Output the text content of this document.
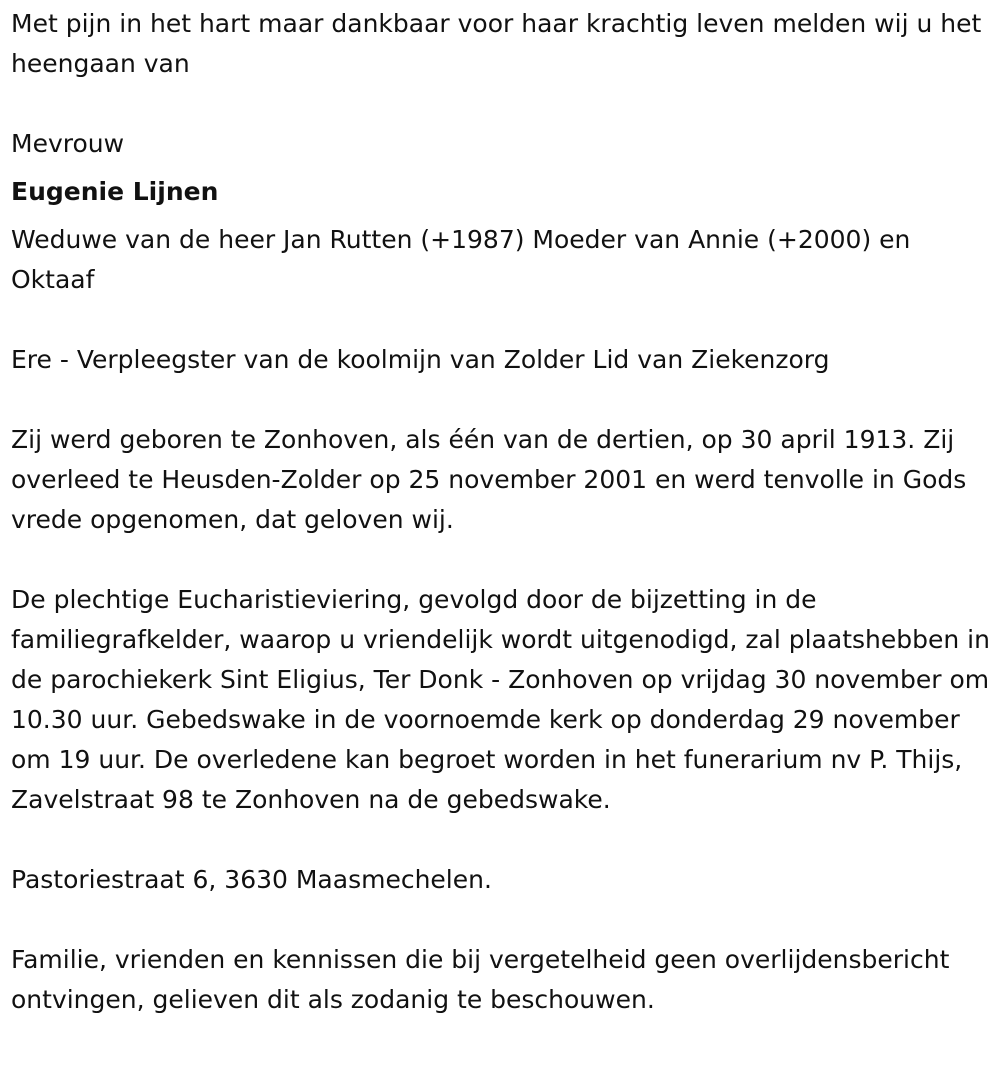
Met pijn in het hart maar dankbaar voor haar krachtig leven melden wij u het heengaan van

Mevrouw

Eugenie Lijnen

Weduwe van de heer Jan Rutten (+1987) Moeder van Annie (+2000) en Oktaaf

Ere - Verpleegster van de koolmijn van Zolder Lid van Ziekenzorg

Zij werd geboren te Zonhoven, als één van de dertien, op 30 april 1913. Zij overleed te Heusden-Zolder op 25 november 2001 en werd tenvolle in Gods vrede opgenomen, dat geloven wij.

De plechtige Eucharistieviering, gevolgd door de bijzetting in de familiegrafkelder, waarop u vriendelijk wordt uitgenodigd, zal plaatshebben in de parochiekerk Sint Eligius, Ter Donk - Zonhoven op vrijdag 30 november om 10.30 uur. Gebedswake in de voornoemde kerk op donderdag 29 november om 19 uur. De overledene kan begroet worden in het funerarium nv P. Thijs, Zavelstraat 98 te Zonhoven na de gebedswake.

Pastoriestraat 6, 3630 Maasmechelen.

Familie, vrienden en kennissen die bij vergetelheid geen overlijdensbericht ontvingen, gelieven dit als zodanig te beschouwen.
